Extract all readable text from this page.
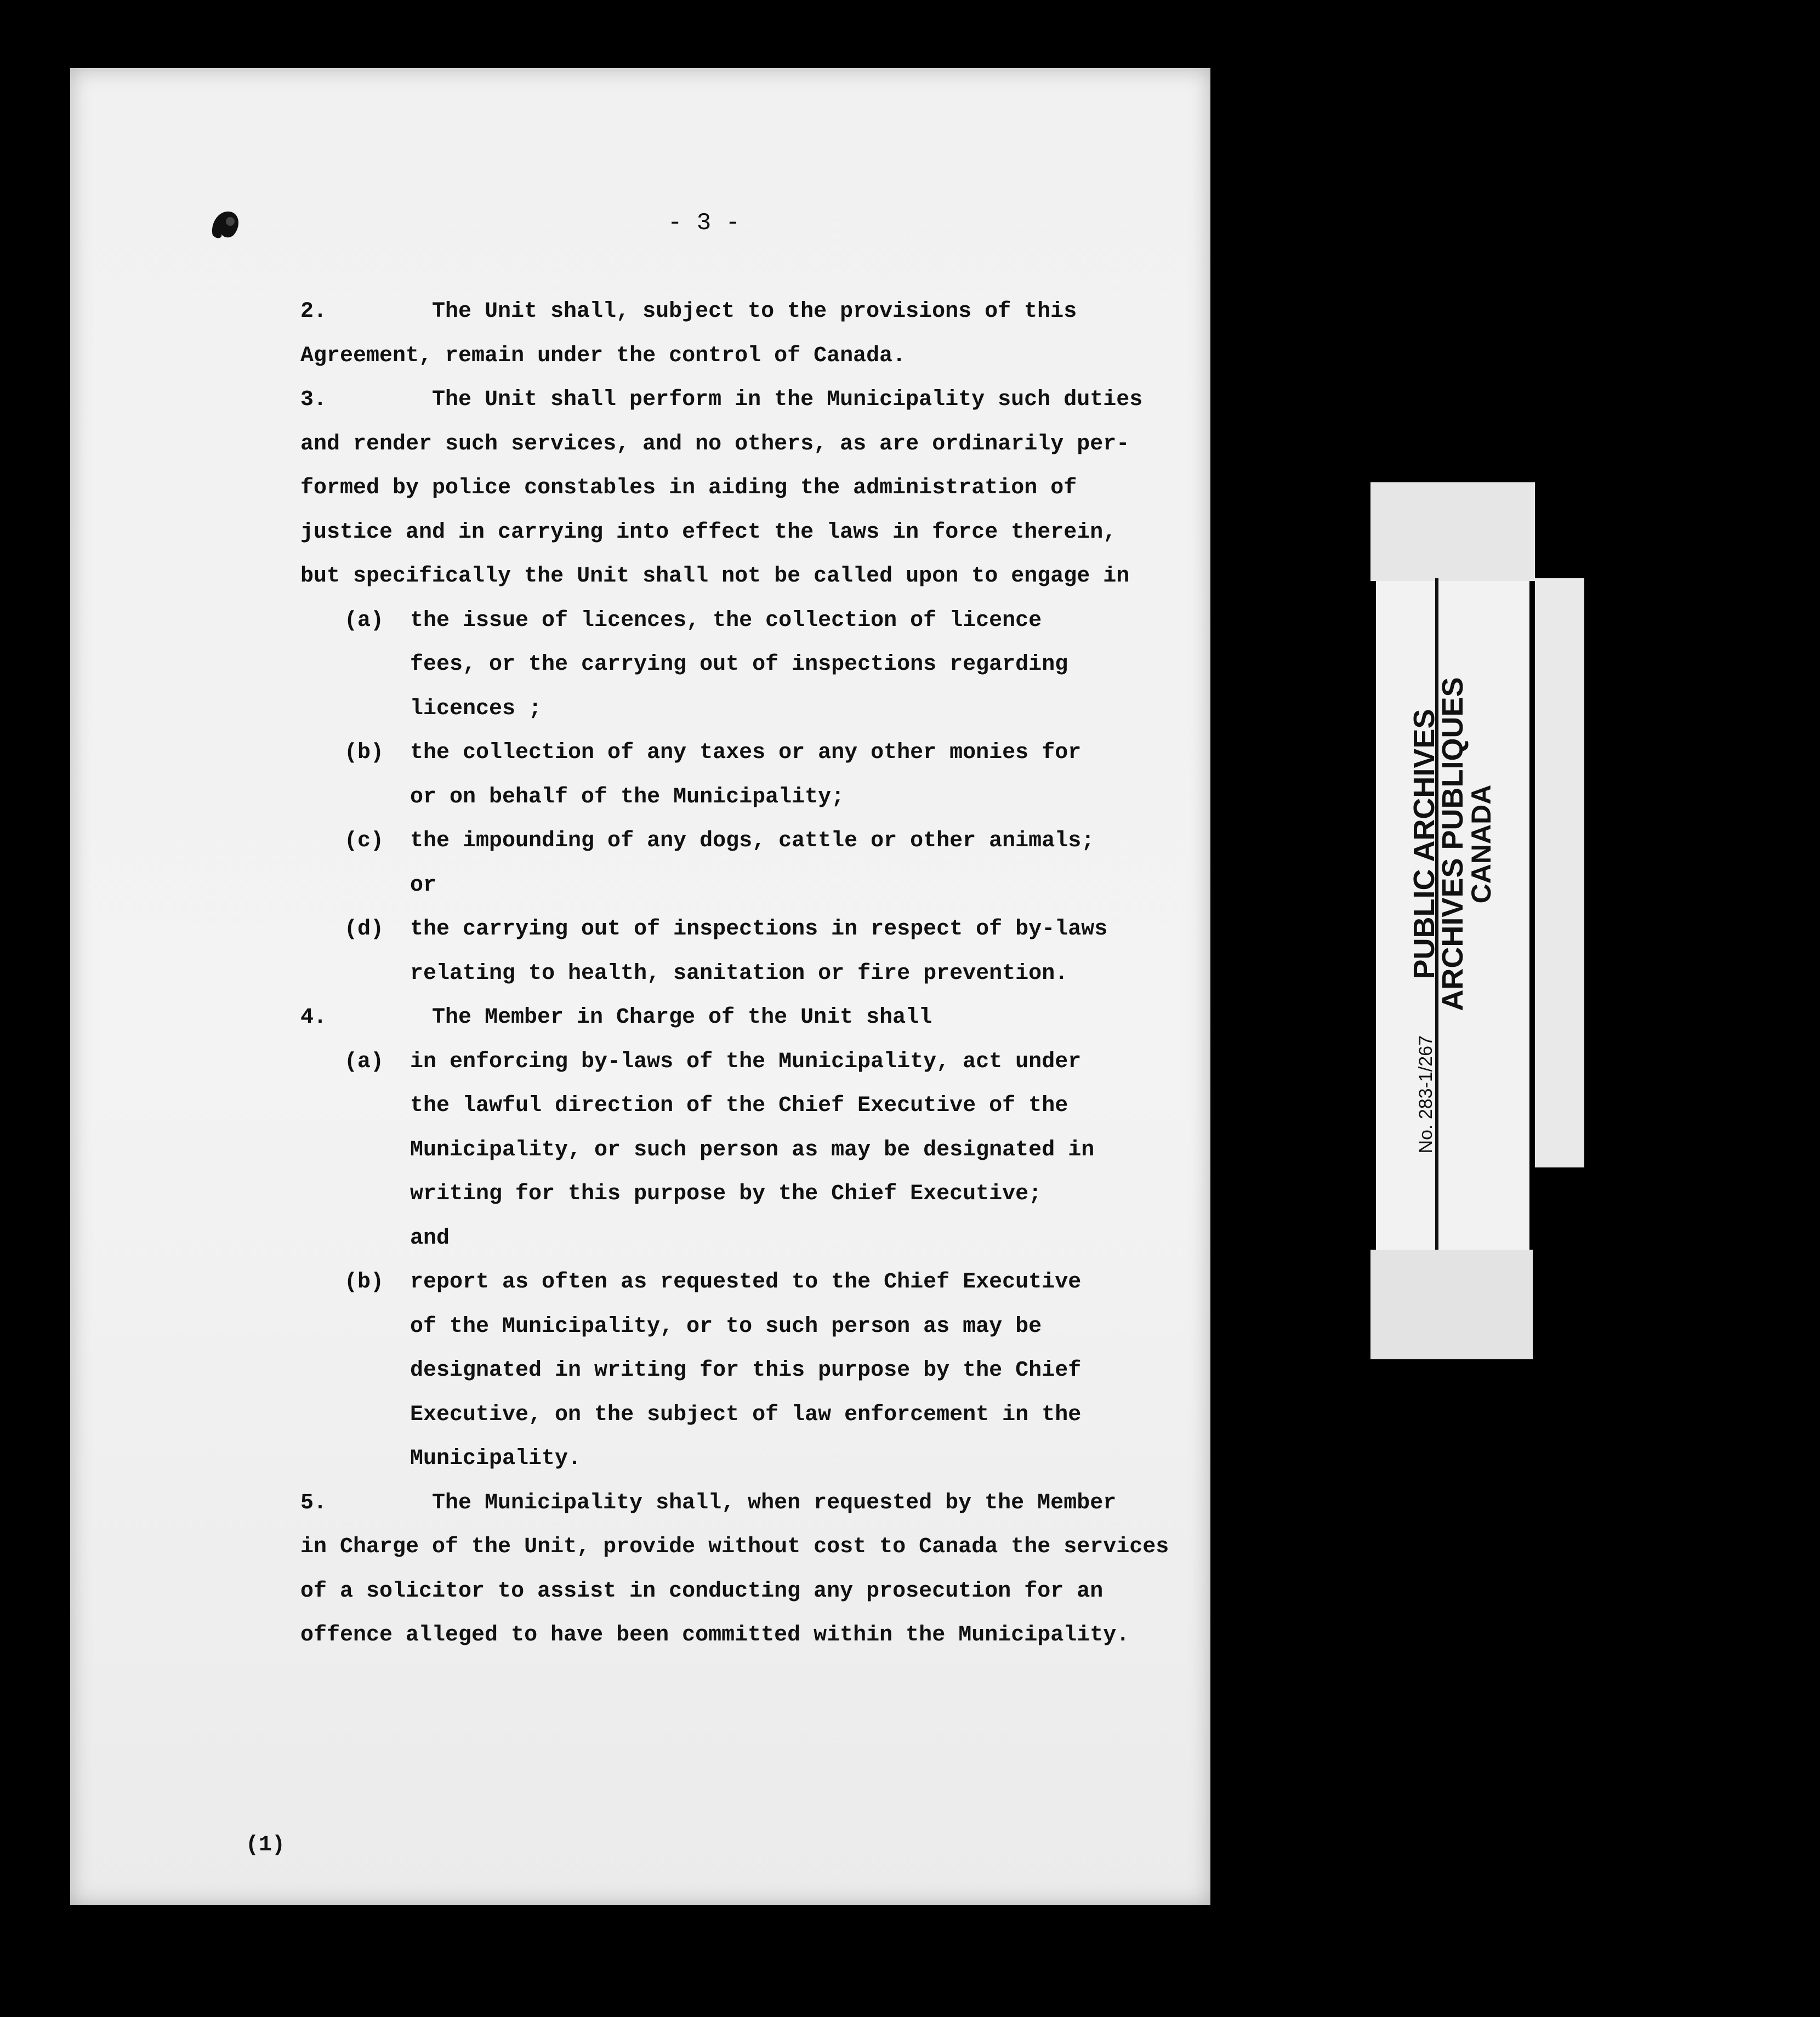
- 3 -
2.	The Unit shall, subject to the provisions of this
Agreement, remain under the control of Canada.
3.	The Unit shall perform in the Municipality such duties
and render such services, and no others, as are ordinarily per-
formed by police constables in aiding the administration of
justice and in carrying into effect the laws in force therein,
but specifically the Unit shall not be called upon to engage in
(a) the issue of licences, the collection of licence
fees, or the carrying out of inspections regarding
licences ;
(b) the collection of any taxes or any other monies for
or on behalf of the Municipality;
(c) the impounding of any dogs, cattle or other animals;
or
(d) the carrying out of inspections in respect of by-laws
relating to health, sanitation or fire prevention.
4.	The Member in Charge of the Unit shall
(a) in enforcing by-laws of the Municipality, act under
the lawful direction of the Chief Executive of the
Municipality, or such person as may be designated in
writing for this purpose by the Chief Executive;
and
(b) report as often as requested to the Chief Executive
of the Municipality, or to such person as may be
designated in writing for this purpose by the Chief
Executive, on the subject of law enforcement in the
Municipality.
5.	The Municipality shall, when requested by the Member
in Charge of the Unit, provide without cost to Canada the services
of a solicitor to assist in conducting any prosecution for an
offence alleged to have been committed within the Municipality.
(1)
No. 283-1/267
PUBLIC ARCHIVES
ARCHIVES PUBLIQUES
CANADA
